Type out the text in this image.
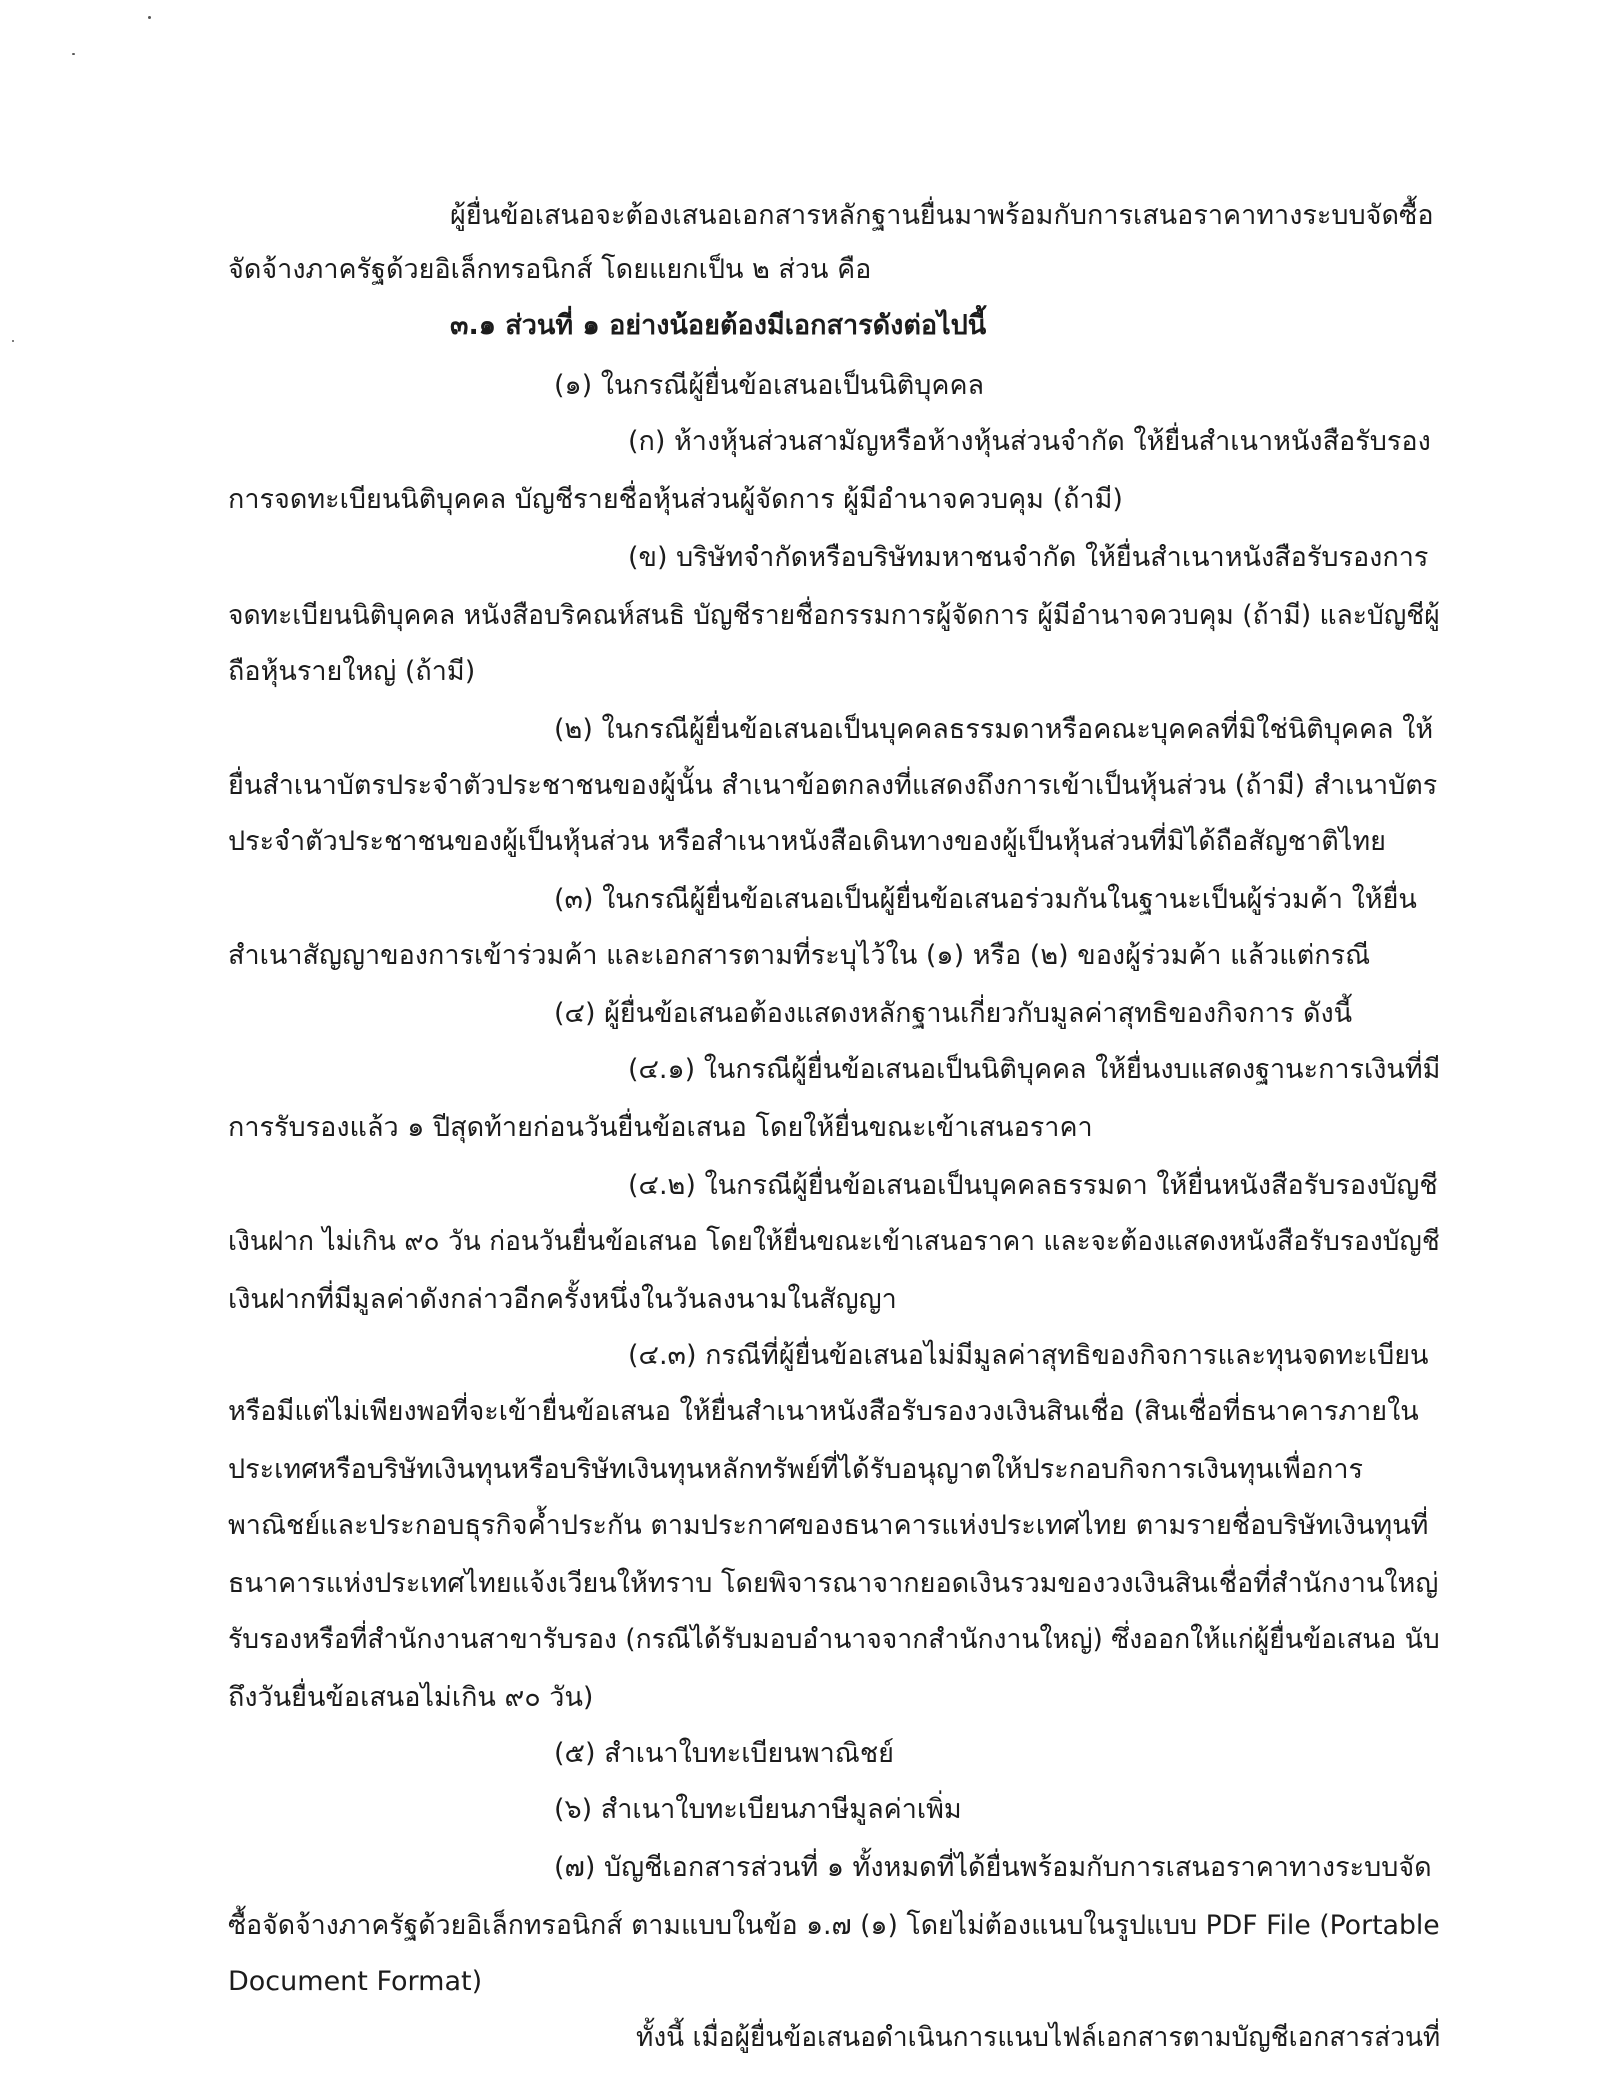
ผู้ยื่นข้อเสนอจะต้องเสนอเอกสารหลักฐานยื่นมาพร้อมกับการเสนอราคาทางระบบจัดซื้อ

จัดจ้างภาครัฐด้วยอิเล็กทรอนิกส์ โดยแยกเป็น ๒ ส่วน คือ

๓.๑ ส่วนที่ ๑ อย่างน้อยต้องมีเอกสารดังต่อไปนี้

(๑) ในกรณีผู้ยื่นข้อเสนอเป็นนิติบุคคล

(ก) ห้างหุ้นส่วนสามัญหรือห้างหุ้นส่วนจำกัด ให้ยื่นสำเนาหนังสือรับรอง

การจดทะเบียนนิติบุคคล บัญชีรายชื่อหุ้นส่วนผู้จัดการ ผู้มีอำนาจควบคุม (ถ้ามี)

(ข) บริษัทจำกัดหรือบริษัทมหาชนจำกัด ให้ยื่นสำเนาหนังสือรับรองการ

จดทะเบียนนิติบุคคล หนังสือบริคณห์สนธิ บัญชีรายชื่อกรรมการผู้จัดการ ผู้มีอำนาจควบคุม (ถ้ามี) และบัญชีผู้

ถือหุ้นรายใหญ่ (ถ้ามี)

(๒) ในกรณีผู้ยื่นข้อเสนอเป็นบุคคลธรรมดาหรือคณะบุคคลที่มิใช่นิติบุคคล ให้

ยื่นสำเนาบัตรประจำตัวประชาชนของผู้นั้น สำเนาข้อตกลงที่แสดงถึงการเข้าเป็นหุ้นส่วน (ถ้ามี) สำเนาบัตร

ประจำตัวประชาชนของผู้เป็นหุ้นส่วน หรือสำเนาหนังสือเดินทางของผู้เป็นหุ้นส่วนที่มิได้ถือสัญชาติไทย

(๓) ในกรณีผู้ยื่นข้อเสนอเป็นผู้ยื่นข้อเสนอร่วมกันในฐานะเป็นผู้ร่วมค้า ให้ยื่น

สำเนาสัญญาของการเข้าร่วมค้า และเอกสารตามที่ระบุไว้ใน (๑) หรือ (๒) ของผู้ร่วมค้า แล้วแต่กรณี

(๔) ผู้ยื่นข้อเสนอต้องแสดงหลักฐานเกี่ยวกับมูลค่าสุทธิของกิจการ ดังนี้

(๔.๑) ในกรณีผู้ยื่นข้อเสนอเป็นนิติบุคคล ให้ยื่นงบแสดงฐานะการเงินที่มี

การรับรองแล้ว ๑ ปีสุดท้ายก่อนวันยื่นข้อเสนอ โดยให้ยื่นขณะเข้าเสนอราคา

(๔.๒) ในกรณีผู้ยื่นข้อเสนอเป็นบุคคลธรรมดา ให้ยื่นหนังสือรับรองบัญชี

เงินฝาก ไม่เกิน ๙๐ วัน ก่อนวันยื่นข้อเสนอ โดยให้ยื่นขณะเข้าเสนอราคา และจะต้องแสดงหนังสือรับรองบัญชี

เงินฝากที่มีมูลค่าดังกล่าวอีกครั้งหนึ่งในวันลงนามในสัญญา

(๔.๓) กรณีที่ผู้ยื่นข้อเสนอไม่มีมูลค่าสุทธิของกิจการและทุนจดทะเบียน

หรือมีแต่ไม่เพียงพอที่จะเข้ายื่นข้อเสนอ ให้ยื่นสำเนาหนังสือรับรองวงเงินสินเชื่อ (สินเชื่อที่ธนาคารภายใน

ประเทศหรือบริษัทเงินทุนหรือบริษัทเงินทุนหลักทรัพย์ที่ได้รับอนุญาตให้ประกอบกิจการเงินทุนเพื่อการ

พาณิชย์และประกอบธุรกิจค้ำประกัน ตามประกาศของธนาคารแห่งประเทศไทย ตามรายชื่อบริษัทเงินทุนที่

ธนาคารแห่งประเทศไทยแจ้งเวียนให้ทราบ โดยพิจารณาจากยอดเงินรวมของวงเงินสินเชื่อที่สำนักงานใหญ่

รับรองหรือที่สำนักงานสาขารับรอง (กรณีได้รับมอบอำนาจจากสำนักงานใหญ่) ซึ่งออกให้แก่ผู้ยื่นข้อเสนอ นับ

ถึงวันยื่นข้อเสนอไม่เกิน ๙๐ วัน)

(๕) สำเนาใบทะเบียนพาณิชย์

(๖) สำเนาใบทะเบียนภาษีมูลค่าเพิ่ม

(๗) บัญชีเอกสารส่วนที่ ๑ ทั้งหมดที่ได้ยื่นพร้อมกับการเสนอราคาทางระบบจัด

ซื้อจัดจ้างภาครัฐด้วยอิเล็กทรอนิกส์ ตามแบบในข้อ ๑.๗ (๑) โดยไม่ต้องแนบในรูปแบบ PDF File (Portable

Document Format)

ทั้งนี้ เมื่อผู้ยื่นข้อเสนอดำเนินการแนบไฟล์เอกสารตามบัญชีเอกสารส่วนที่
